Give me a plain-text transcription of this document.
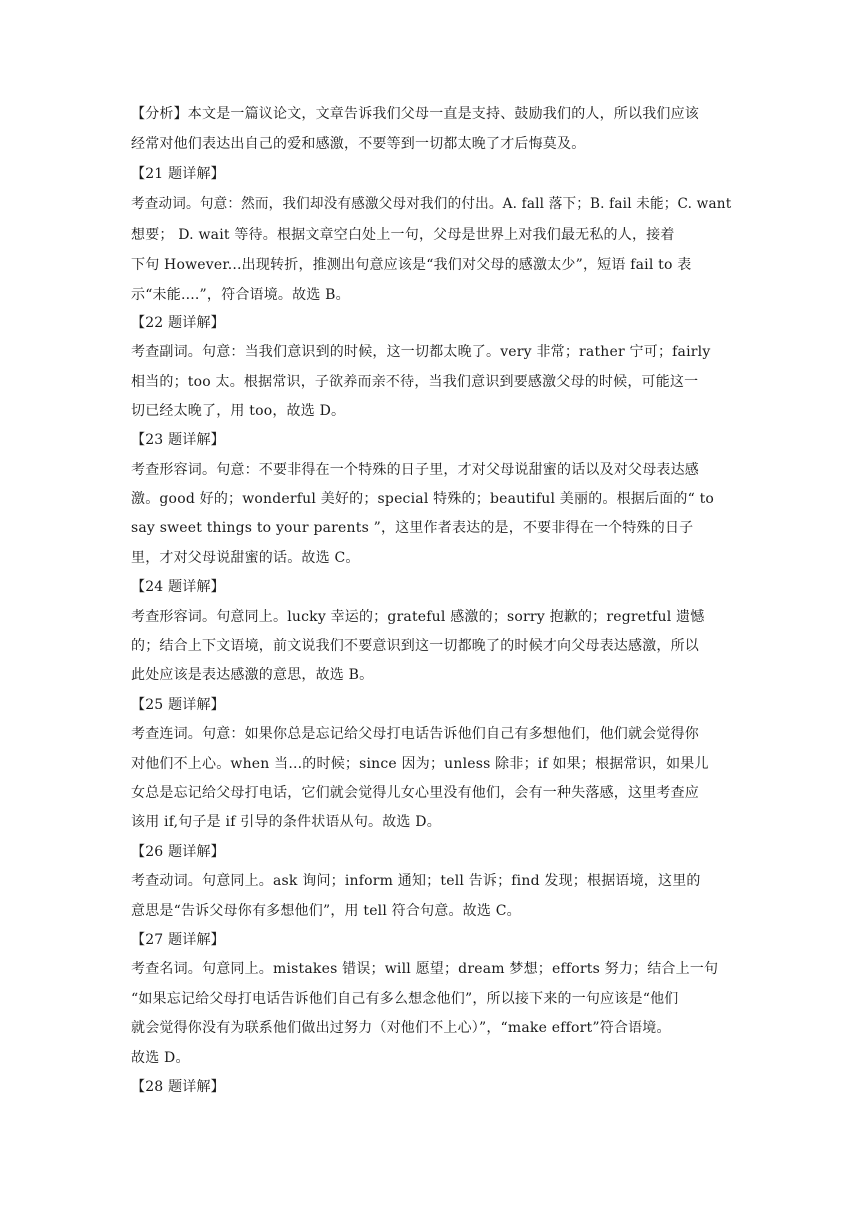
【分析】本文是一篇议论文，文章告诉我们父母一直是支持、鼓励我们的人，所以我们应该
经常对他们表达出自己的爱和感激，不要等到一切都太晚了才后悔莫及。
【21 题详解】
考查动词。句意：然而，我们却没有感激父母对我们的付出。A. fall 落下；B. fail 未能；C. want
想要； D. wait 等待。根据文章空白处上一句，父母是世界上对我们最无私的人，接着
下句 However...出现转折，推测出句意应该是“我们对父母的感激太少”，短语 fail to 表
示“未能....”，符合语境。故选 B。
【22 题详解】
考查副词。句意：当我们意识到的时候，这一切都太晚了。very 非常；rather 宁可；fairly
相当的；too 太。根据常识，子欲养而亲不待，当我们意识到要感激父母的时候，可能这一
切已经太晚了，用 too，故选 D。
【23 题详解】
考查形容词。句意：不要非得在一个特殊的日子里，才对父母说甜蜜的话以及对父母表达感
激。good 好的；wonderful 美好的；special 特殊的；beautiful 美丽的。根据后面的“ to
say sweet things to your parents ”，这里作者表达的是，不要非得在一个特殊的日子
里，才对父母说甜蜜的话。故选 C。
【24 题详解】
考查形容词。句意同上。lucky 幸运的；grateful 感激的；sorry 抱歉的；regretful 遗憾
的；结合上下文语境，前文说我们不要意识到这一切都晚了的时候才向父母表达感激，所以
此处应该是表达感激的意思，故选 B。
【25 题详解】
考查连词。句意：如果你总是忘记给父母打电话告诉他们自己有多想他们，他们就会觉得你
对他们不上心。when 当...的时候；since 因为；unless 除非；if 如果；根据常识，如果儿
女总是忘记给父母打电话，它们就会觉得儿女心里没有他们，会有一种失落感，这里考查应
该用 if,句子是 if 引导的条件状语从句。故选 D。
【26 题详解】
考查动词。句意同上。ask 询问；inform 通知；tell 告诉；find 发现；根据语境，这里的
意思是“告诉父母你有多想他们”，用 tell 符合句意。故选 C。
【27 题详解】
考查名词。句意同上。mistakes 错误；will 愿望；dream 梦想；efforts 努力；结合上一句
“如果忘记给父母打电话告诉他们自己有多么想念他们”，所以接下来的一句应该是“他们
就会觉得你没有为联系他们做出过努力（对他们不上心）”，“make effort”符合语境。
故选 D。
【28 题详解】
